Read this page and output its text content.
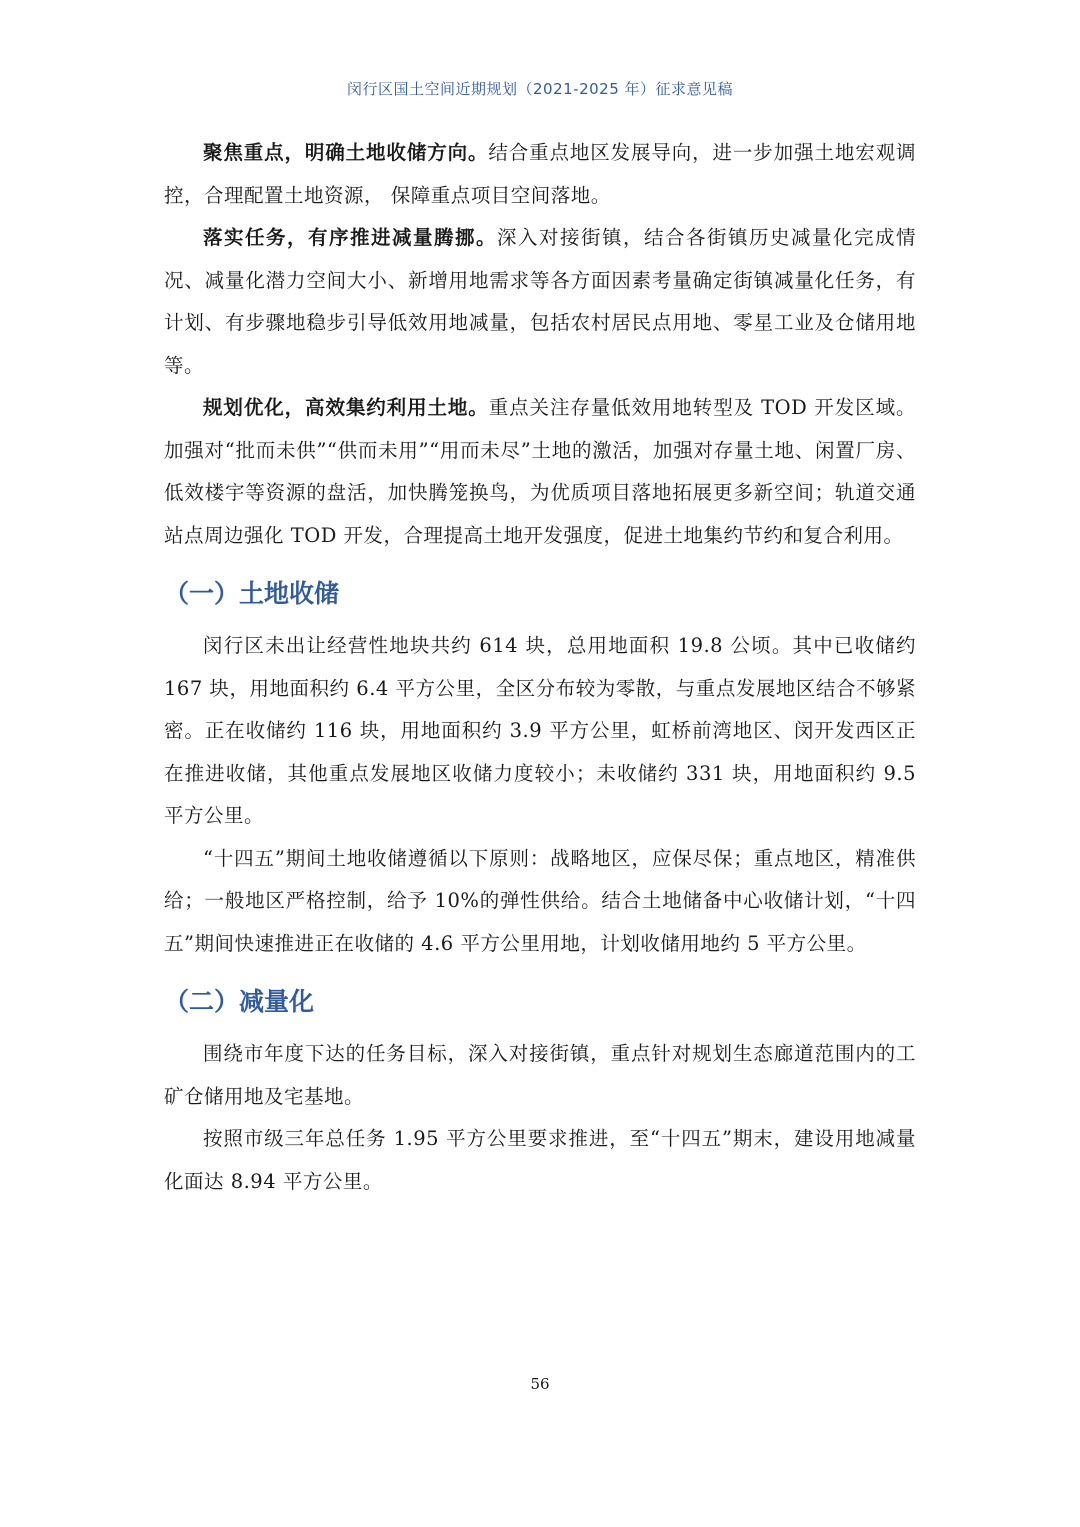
闵行区国土空间近期规划（2021-2025 年）征求意见稿

聚焦重点，明确土地收储方向。结合重点地区发展导向，进一步加强土地宏观调控，合理配置土地资源， 保障重点项目空间落地。

落实任务，有序推进减量腾挪。深入对接街镇，结合各街镇历史减量化完成情况、减量化潜力空间大小、新增用地需求等各方面因素考量确定街镇减量化任务，有计划、有步骤地稳步引导低效用地减量，包括农村居民点用地、零星工业及仓储用地等。

规划优化，高效集约利用土地。重点关注存量低效用地转型及 TOD 开发区域。加强对“批而未供”“供而未用”“用而未尽”土地的激活，加强对存量土地、闲置厂房、低效楼宇等资源的盘活，加快腾笼换鸟，为优质项目落地拓展更多新空间；轨道交通站点周边强化 TOD 开发，合理提高土地开发强度，促进土地集约节约和复合利用。

（一）土地收储

闵行区未出让经营性地块共约 614 块，总用地面积 19.8 公顷。其中已收储约 167 块，用地面积约 6.4 平方公里，全区分布较为零散，与重点发展地区结合不够紧密。正在收储约 116 块，用地面积约 3.9 平方公里，虹桥前湾地区、闵开发西区正在推进收储，其他重点发展地区收储力度较小；未收储约 331 块，用地面积约 9.5 平方公里。

“十四五”期间土地收储遵循以下原则：战略地区，应保尽保；重点地区，精准供给；一般地区严格控制，给予 10%的弹性供给。结合土地储备中心收储计划，“十四五”期间快速推进正在收储的 4.6 平方公里用地，计划收储用地约 5 平方公里。

（二）减量化

围绕市年度下达的任务目标，深入对接街镇，重点针对规划生态廊道范围内的工矿仓储用地及宅基地。

按照市级三年总任务 1.95 平方公里要求推进，至“十四五”期末，建设用地减量化面达 8.94 平方公里。

56
